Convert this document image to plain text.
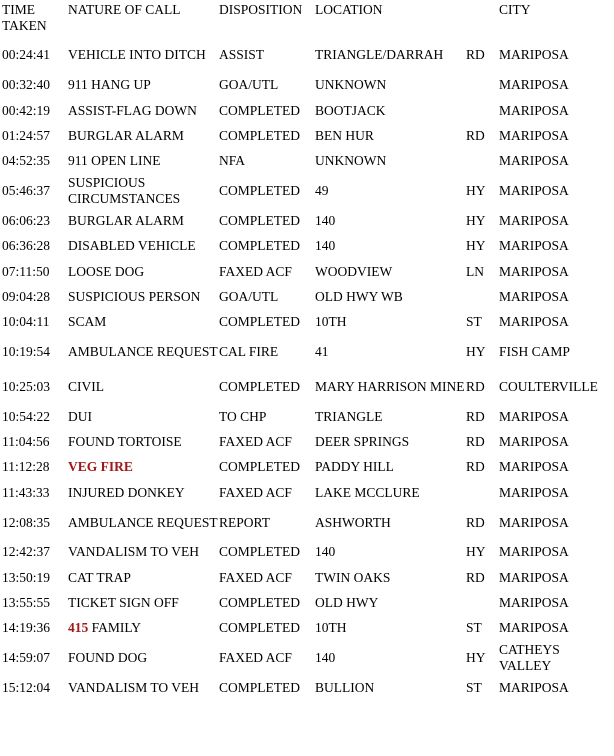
TIME TAKEN	NATURE OF CALL	DISPOSITION	LOCATION		CITY
00:24:41	VEHICLE INTO DITCH	ASSIST	TRIANGLE/DARRAH	RD	MARIPOSA
00:32:40	911 HANG UP	GOA/UTL	UNKNOWN		MARIPOSA
00:42:19	ASSIST-FLAG DOWN	COMPLETED	BOOTJACK		MARIPOSA
01:24:57	BURGLAR ALARM	COMPLETED	BEN HUR	RD	MARIPOSA
04:52:35	911 OPEN LINE	NFA	UNKNOWN		MARIPOSA
05:46:37	SUSPICIOUS CIRCUMSTANCES	COMPLETED	49	HY	MARIPOSA
06:06:23	BURGLAR ALARM	COMPLETED	140	HY	MARIPOSA
06:36:28	DISABLED VEHICLE	COMPLETED	140	HY	MARIPOSA
07:11:50	LOOSE DOG	FAXED ACF	WOODVIEW	LN	MARIPOSA
09:04:28	SUSPICIOUS PERSON	GOA/UTL	OLD HWY WB		MARIPOSA
10:04:11	SCAM	COMPLETED	10TH	ST	MARIPOSA
10:19:54	AMBULANCE REQUEST	CAL FIRE	41	HY	FISH CAMP
10:25:03	CIVIL	COMPLETED	MARY HARRISON MINE	RD	COULTERVILLE
10:54:22	DUI	TO CHP	TRIANGLE	RD	MARIPOSA
11:04:56	FOUND TORTOISE	FAXED ACF	DEER SPRINGS	RD	MARIPOSA
11:12:28	VEG FIRE	COMPLETED	PADDY HILL	RD	MARIPOSA
11:43:33	INJURED DONKEY	FAXED ACF	LAKE MCCLURE		MARIPOSA
12:08:35	AMBULANCE REQUEST	REPORT	ASHWORTH	RD	MARIPOSA
12:42:37	VANDALISM TO VEH	COMPLETED	140	HY	MARIPOSA
13:50:19	CAT TRAP	FAXED ACF	TWIN OAKS	RD	MARIPOSA
13:55:55	TICKET SIGN OFF	COMPLETED	OLD HWY		MARIPOSA
14:19:36	415 FAMILY	COMPLETED	10TH	ST	MARIPOSA
14:59:07	FOUND DOG	FAXED ACF	140	HY	CATHEYS VALLEY
15:12:04	VANDALISM TO VEH	COMPLETED	BULLION	ST	MARIPOSA
